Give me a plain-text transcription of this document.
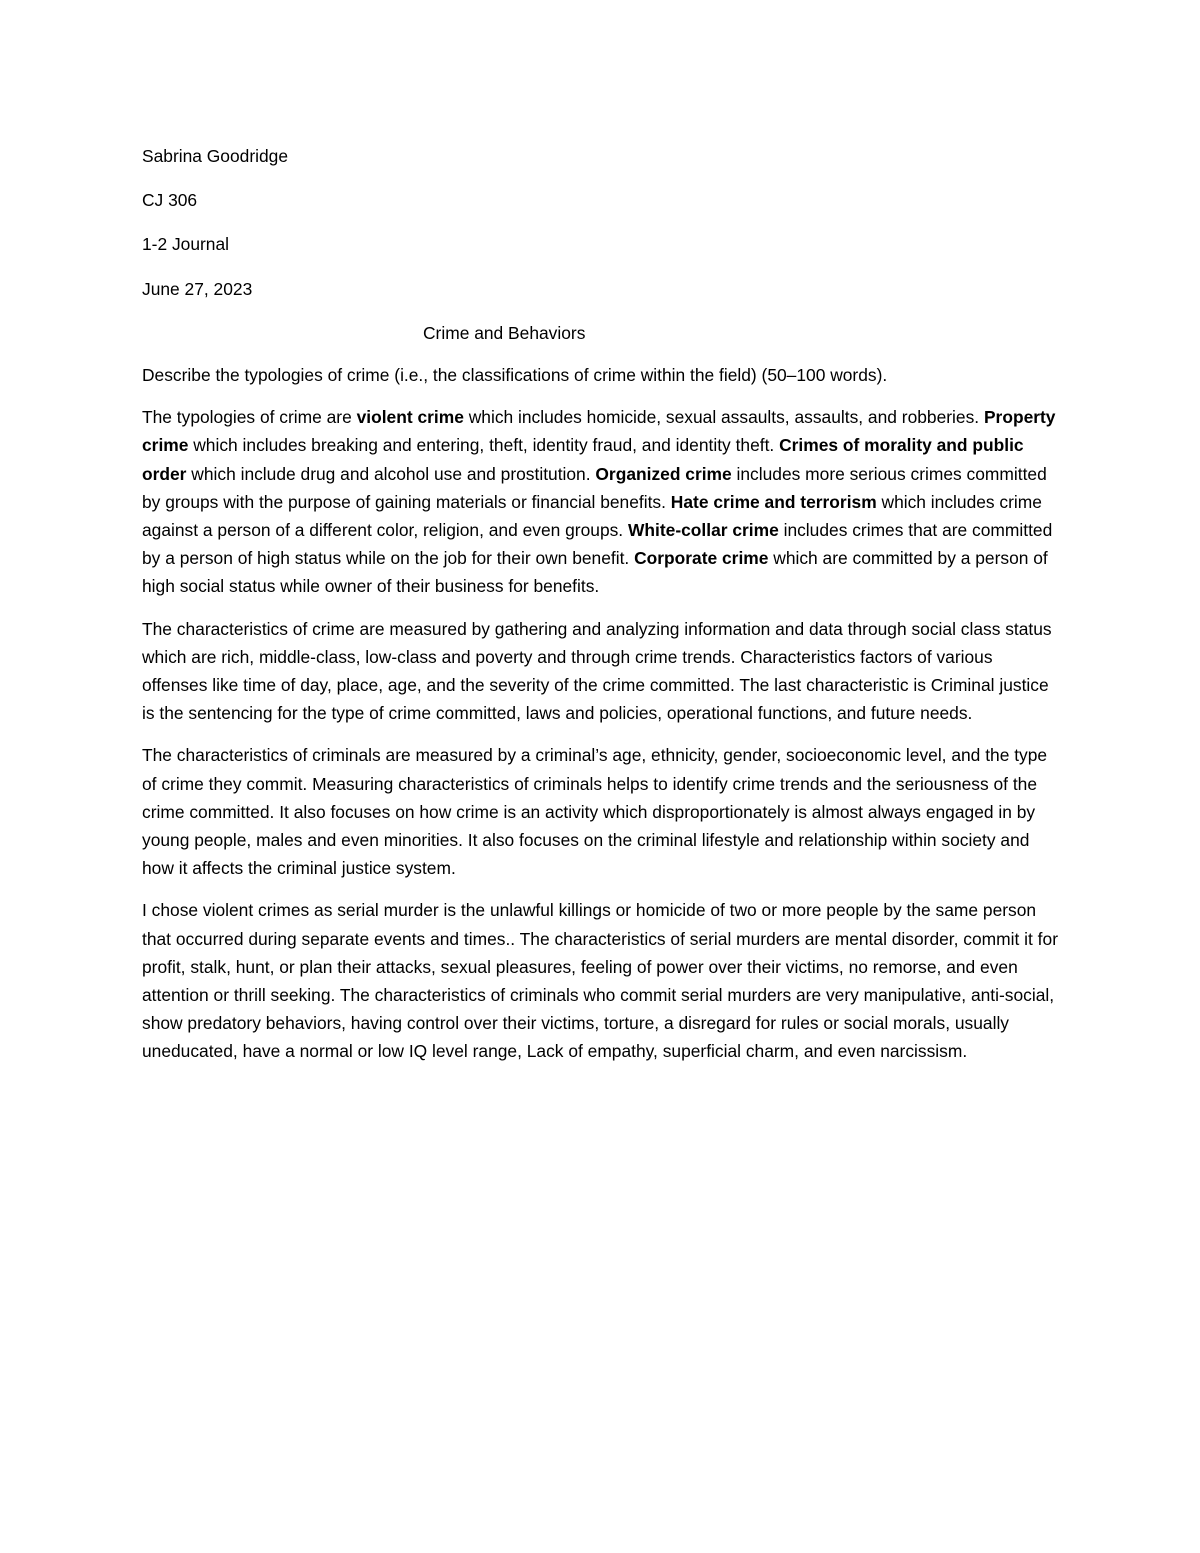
Sabrina Goodridge
CJ 306
1-2 Journal
June 27, 2023
Crime and Behaviors
Describe the typologies of crime (i.e., the classifications of crime within the field) (50–100 words).
The typologies of crime are violent crime which includes homicide, sexual assaults, assaults, and robberies. Property crime which includes breaking and entering, theft, identity fraud, and identity theft. Crimes of morality and public order which include drug and alcohol use and prostitution. Organized crime includes more serious crimes committed by groups with the purpose of gaining materials or financial benefits. Hate crime and terrorism which includes crime against a person of a different color, religion, and even groups. White-collar crime includes crimes that are committed by a person of high status while on the job for their own benefit. Corporate crime which are committed by a person of high social status while owner of their business for benefits.
The characteristics of crime are measured by gathering and analyzing information and data through social class status which are rich, middle-class, low-class and poverty and through crime trends. Characteristics factors of various offenses like time of day, place, age, and the severity of the crime committed. The last characteristic is Criminal justice is the sentencing for the type of crime committed, laws and policies, operational functions, and future needs.
The characteristics of criminals are measured by a criminal’s age, ethnicity, gender, socioeconomic level, and the type of crime they commit. Measuring characteristics of criminals helps to identify crime trends and the seriousness of the crime committed. It also focuses on how crime is an activity which disproportionately is almost always engaged in by young people, males and even minorities. It also focuses on the criminal lifestyle and relationship within society and how it affects the criminal justice system.
I chose violent crimes as serial murder is the unlawful killings or homicide of two or more people by the same person that occurred during separate events and times.. The characteristics of serial murders are mental disorder, commit it for profit, stalk, hunt, or plan their attacks, sexual pleasures, feeling of power over their victims, no remorse, and even attention or thrill seeking. The characteristics of criminals who commit serial murders are very manipulative, anti-social, show predatory behaviors, having control over their victims, torture, a disregard for rules or social morals, usually uneducated, have a normal or low IQ level range, Lack of empathy, superficial charm, and even narcissism.
